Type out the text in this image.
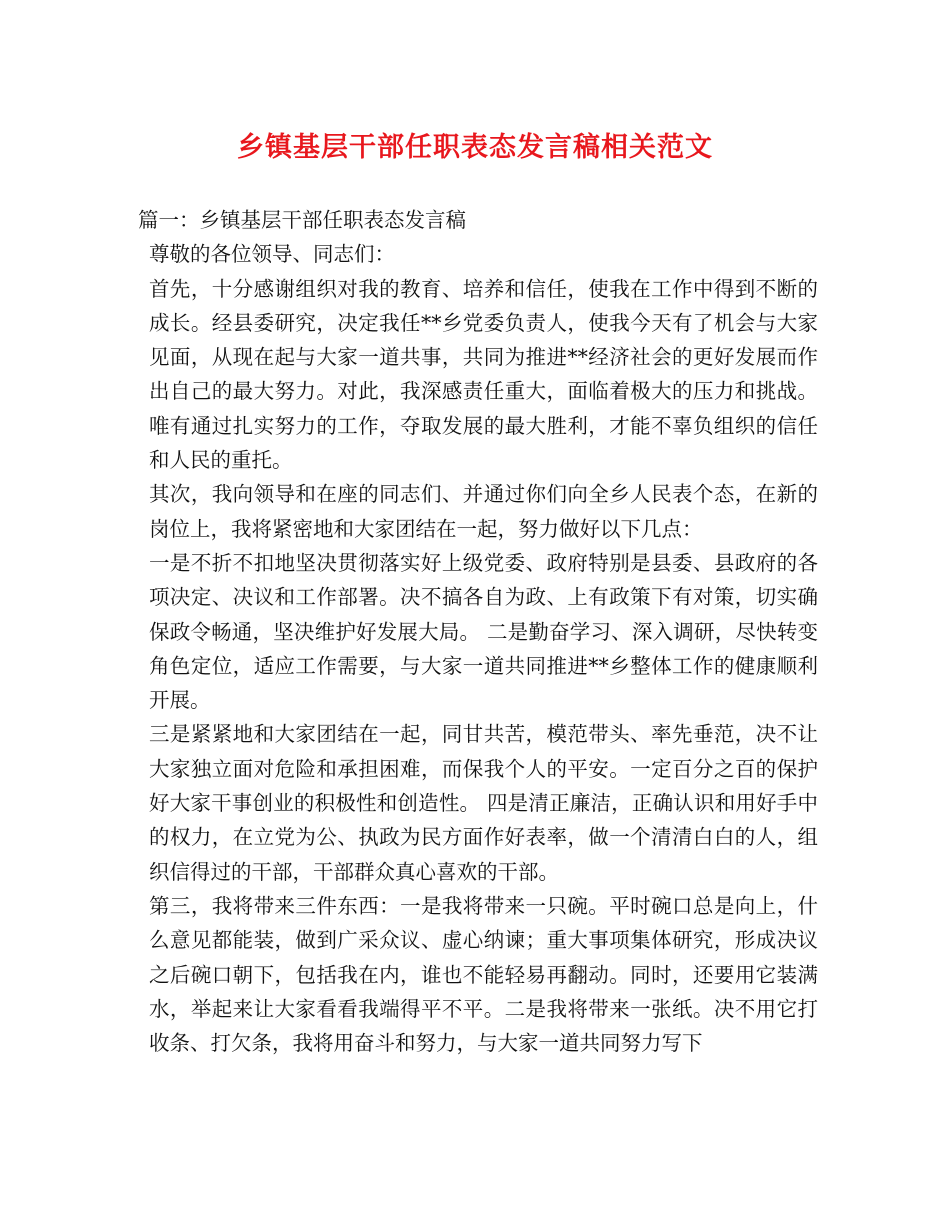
乡镇基层干部任职表态发言稿相关范文

篇一：乡镇基层干部任职表态发言稿

尊敬的各位领导、同志们：

首先，十分感谢组织对我的教育、培养和信任，使我在工作中得到不断的成长。经县委研究，决定我任**乡党委负责人，使我今天有了机会与大家见面，从现在起与大家一道共事，共同为推进**经济社会的更好发展而作出自己的最大努力。对此，我深感责任重大，面临着极大的压力和挑战。唯有通过扎实努力的工作，夺取发展的最大胜利，才能不辜负组织的信任和人民的重托。

其次，我向领导和在座的同志们、并通过你们向全乡人民表个态，在新的岗位上，我将紧密地和大家团结在一起，努力做好以下几点：

一是不折不扣地坚决贯彻落实好上级党委、政府特别是县委、县政府的各项决定、决议和工作部署。决不搞各自为政、上有政策下有对策，切实确保政令畅通，坚决维护好发展大局。 二是勤奋学习、深入调研，尽快转变角色定位，适应工作需要，与大家一道共同推进**乡整体工作的健康顺利开展。

三是紧紧地和大家团结在一起，同甘共苦，模范带头、率先垂范，决不让大家独立面对危险和承担困难，而保我个人的平安。一定百分之百的保护好大家干事创业的积极性和创造性。 四是清正廉洁，正确认识和用好手中的权力，在立党为公、执政为民方面作好表率，做一个清清白白的人，组织信得过的干部，干部群众真心喜欢的干部。

第三，我将带来三件东西：一是我将带来一只碗。平时碗口总是向上，什么意见都能装，做到广采众议、虚心纳谏；重大事项集体研究，形成决议之后碗口朝下，包括我在内，谁也不能轻易再翻动。同时，还要用它装满水，举起来让大家看看我端得平不平。二是我将带来一张纸。决不用它打收条、打欠条，我将用奋斗和努力，与大家一道共同努力写下
